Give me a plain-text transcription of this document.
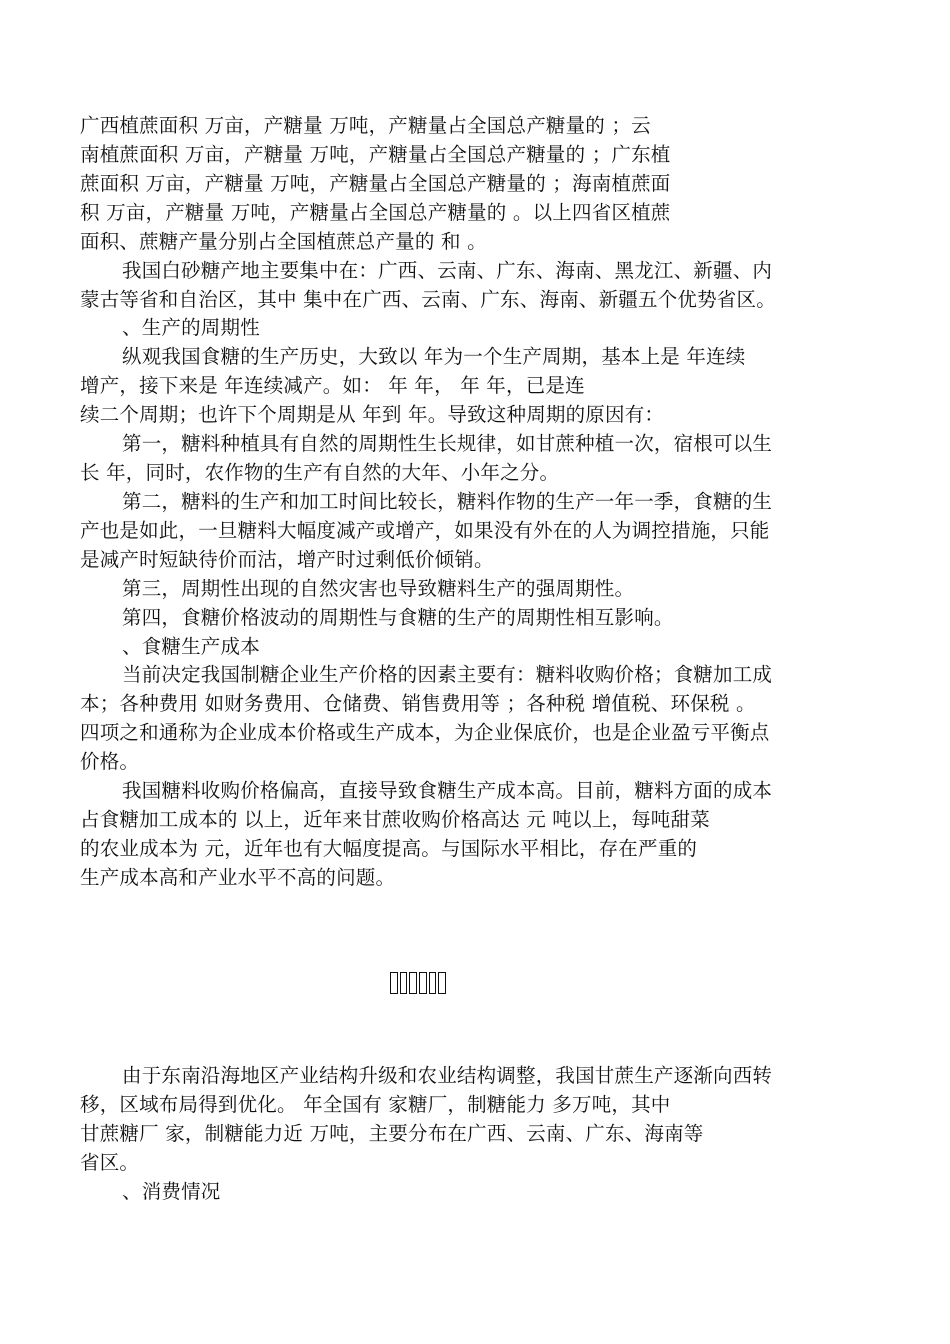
广西植蔗面积 万亩，产糖量 万吨，产糖量占全国总产糖量的 ；云
南植蔗面积 万亩，产糖量 万吨，产糖量占全国总产糖量的 ；广东植
蔗面积 万亩，产糖量 万吨，产糖量占全国总产糖量的 ；海南植蔗面
积 万亩，产糖量 万吨，产糖量占全国总产糖量的 。以上四省区植蔗
面积、蔗糖产量分别占全国植蔗总产量的 和 。
我国白砂糖产地主要集中在：广西、云南、广东、海南、黑龙江、新疆、内
蒙古等省和自治区，其中 集中在广西、云南、广东、海南、新疆五个优势省区。
、生产的周期性
纵观我国食糖的生产历史，大致以 年为一个生产周期，基本上是 年连续
增产，接下来是 年连续减产。如： 年 年， 年 年，已是连
续二个周期；也许下个周期是从 年到 年。导致这种周期的原因有：
第一，糖料种植具有自然的周期性生长规律，如甘蔗种植一次，宿根可以生
长 年，同时，农作物的生产有自然的大年、小年之分。
第二，糖料的生产和加工时间比较长，糖料作物的生产一年一季，食糖的生
产也是如此，一旦糖料大幅度减产或增产，如果没有外在的人为调控措施，只能
是减产时短缺待价而沽，增产时过剩低价倾销。
第三，周期性出现的自然灾害也导致糖料生产的强周期性。
第四，食糖价格波动的周期性与食糖的生产的周期性相互影响。
、食糖生产成本
当前决定我国制糖企业生产价格的因素主要有：糖料收购价格；食糖加工成
本；各种费用 如财务费用、仓储费、销售费用等 ；各种税 增值税、环保税 。
四项之和通称为企业成本价格或生产成本，为企业保底价，也是企业盈亏平衡点
价格。
我国糖料收购价格偏高，直接导致食糖生产成本高。目前，糖料方面的成本
占食糖加工成本的 以上，近年来甘蔗收购价格高达 元 吨以上，每吨甜菜
的农业成本为 元，近年也有大幅度提高。与国际水平相比，存在严重的
生产成本高和产业水平不高的问题。
由于东南沿海地区产业结构升级和农业结构调整，我国甘蔗生产逐渐向西转
移，区域布局得到优化。 年全国有 家糖厂，制糖能力 多万吨，其中
甘蔗糖厂 家，制糖能力近 万吨，主要分布在广西、云南、广东、海南等
省区。
、消费情况
